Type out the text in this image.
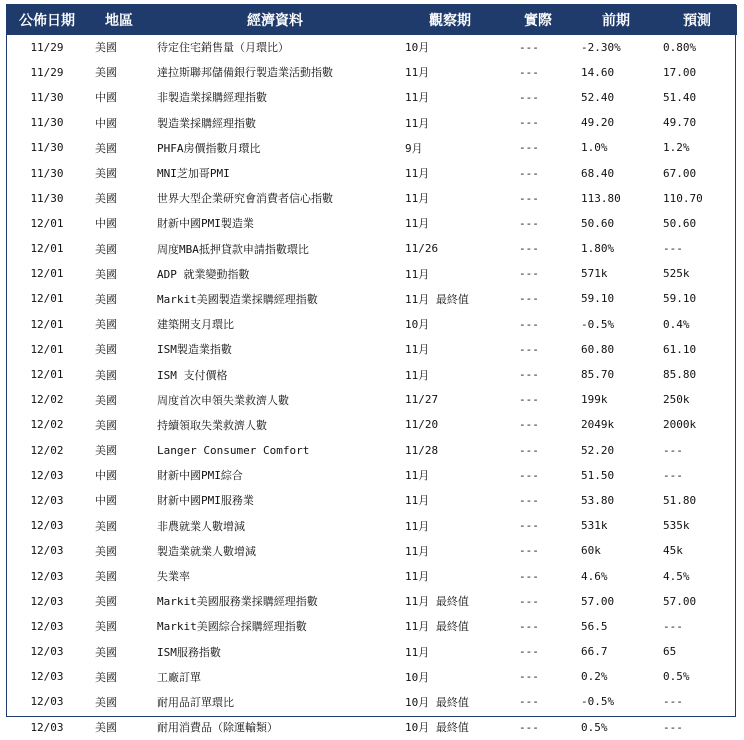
公佈日期	地區	經濟資料	觀察期	實際	前期	預測
11/29	美國	待定住宅銷售量（月環比）	10月	---	-2.30%	0.80%
11/29	美國	達拉斯聯邦儲備銀行製造業活動指數	11月	---	14.60	17.00
11/30	中國	非製造業採購經理指數	11月	---	52.40	51.40
11/30	中國	製造業採購經理指數	11月	---	49.20	49.70
11/30	美國	PHFA房價指數月環比	9月	---	1.0%	1.2%
11/30	美國	MNI芝加哥PMI	11月	---	68.40	67.00
11/30	美國	世界大型企業研究會消費者信心指數	11月	---	113.80	110.70
12/01	中國	財新中國PMI製造業	11月	---	50.60	50.60
12/01	美國	周度MBA抵押貸款申請指數環比	11/26	---	1.80%	---
12/01	美國	ADP 就業變動指數	11月	---	571k	525k
12/01	美國	Markit美國製造業採購經理指數	11月 最終值	---	59.10	59.10
12/01	美國	建築開支月環比	10月	---	-0.5%	0.4%
12/01	美國	ISM製造業指數	11月	---	60.80	61.10
12/01	美國	ISM 支付價格	11月	---	85.70	85.80
12/02	美國	周度首次申領失業救濟人數	11/27	---	199k	250k
12/02	美國	持續領取失業救濟人數	11/20	---	2049k	2000k
12/02	美國	Langer Consumer Comfort	11/28	---	52.20	---
12/03	中國	財新中國PMI綜合	11月	---	51.50	---
12/03	中國	財新中國PMI服務業	11月	---	53.80	51.80
12/03	美國	非農就業人數增減	11月	---	531k	535k
12/03	美國	製造業就業人數增減	11月	---	60k	45k
12/03	美國	失業率	11月	---	4.6%	4.5%
12/03	美國	Markit美國服務業採購經理指數	11月 最終值	---	57.00	57.00
12/03	美國	Markit美國綜合採購經理指數	11月 最終值	---	56.5	---
12/03	美國	ISM服務指數	11月	---	66.7	65
12/03	美國	工廠訂單	10月	---	0.2%	0.5%
12/03	美國	耐用品訂單環比	10月 最終值	---	-0.5%	---
12/03	美國	耐用消費品（除運輸類）	10月 最終值	---	0.5%	---
